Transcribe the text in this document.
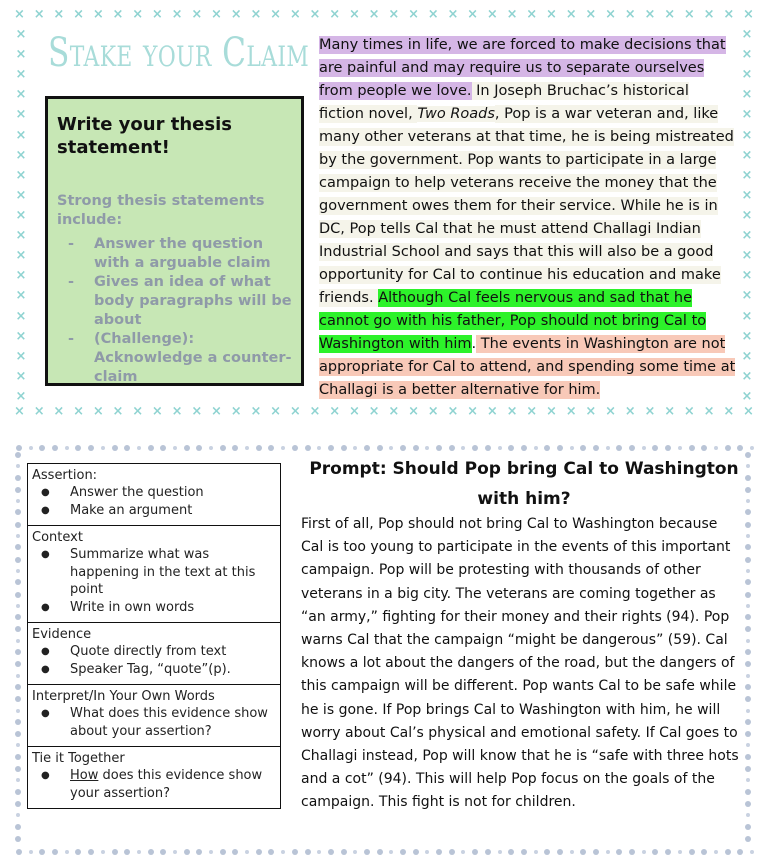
× × × × × × × × × × × × × × × × × × × × × × × × × × × × × × × × × × × × × ×
× × × × × × × × × × × × × × × × × × × × × × × × × × × × × × × × × × × × × ×
×
×
×
×
×
×
×
×
×
×
×
×
×
×
×
×
×
×
×
×
×
×
×
×
×
×
×
×
×
×
×
×
×
×
×
×
×
×
Stake your Claim
Write your thesis statement!
Strong thesis statements include:
- Answer the question with a arguable claim
- Gives an idea of what body paragraphs will be about
- (Challenge): Acknowledge a counter-claim
Many times in life, we are forced to make decisions that are painful and may require us to separate ourselves from people we love. In Joseph Bruchac’s historical fiction novel, Two Roads, Pop is a war veteran and, like many other veterans at that time, he is being mistreated by the government. Pop wants to participate in a large campaign to help veterans receive the money that the government owes them for their service. While he is in DC, Pop tells Cal that he must attend Challagi Indian Industrial School and says that this will also be a good opportunity for Cal to continue his education and make friends. Although Cal feels nervous and sad that he cannot go with his father, Pop should not bring Cal to Washington with him. The events in Washington are not appropriate for Cal to attend, and spending some time at Challagi is a better alternative for him.
Assertion:
● Answer the question
● Make an argument
Context
● Summarize what was happening in the text at this point
● Write in own words
Evidence
● Quote directly from text
● Speaker Tag, “quote”(p).
Interpret/In Your Own Words
● What does this evidence show about your assertion?
Tie it Together
● How does this evidence show your assertion?
Prompt: Should Pop bring Cal to Washington with him?
First of all, Pop should not bring Cal to Washington because Cal is too young to participate in the events of this important campaign. Pop will be protesting with thousands of other veterans in a big city. The veterans are coming together as “an army,” fighting for their money and their rights (94). Pop warns Cal that the campaign “might be dangerous” (59). Cal knows a lot about the dangers of the road, but the dangers of this campaign will be different. Pop wants Cal to be safe while he is gone. If Pop brings Cal to Washington with him, he will worry about Cal’s physical and emotional safety. If Cal goes to Challagi instead, Pop will know that he is “safe with three hots and a cot” (94). This will help Pop focus on the goals of the campaign. This fight is not for children.
